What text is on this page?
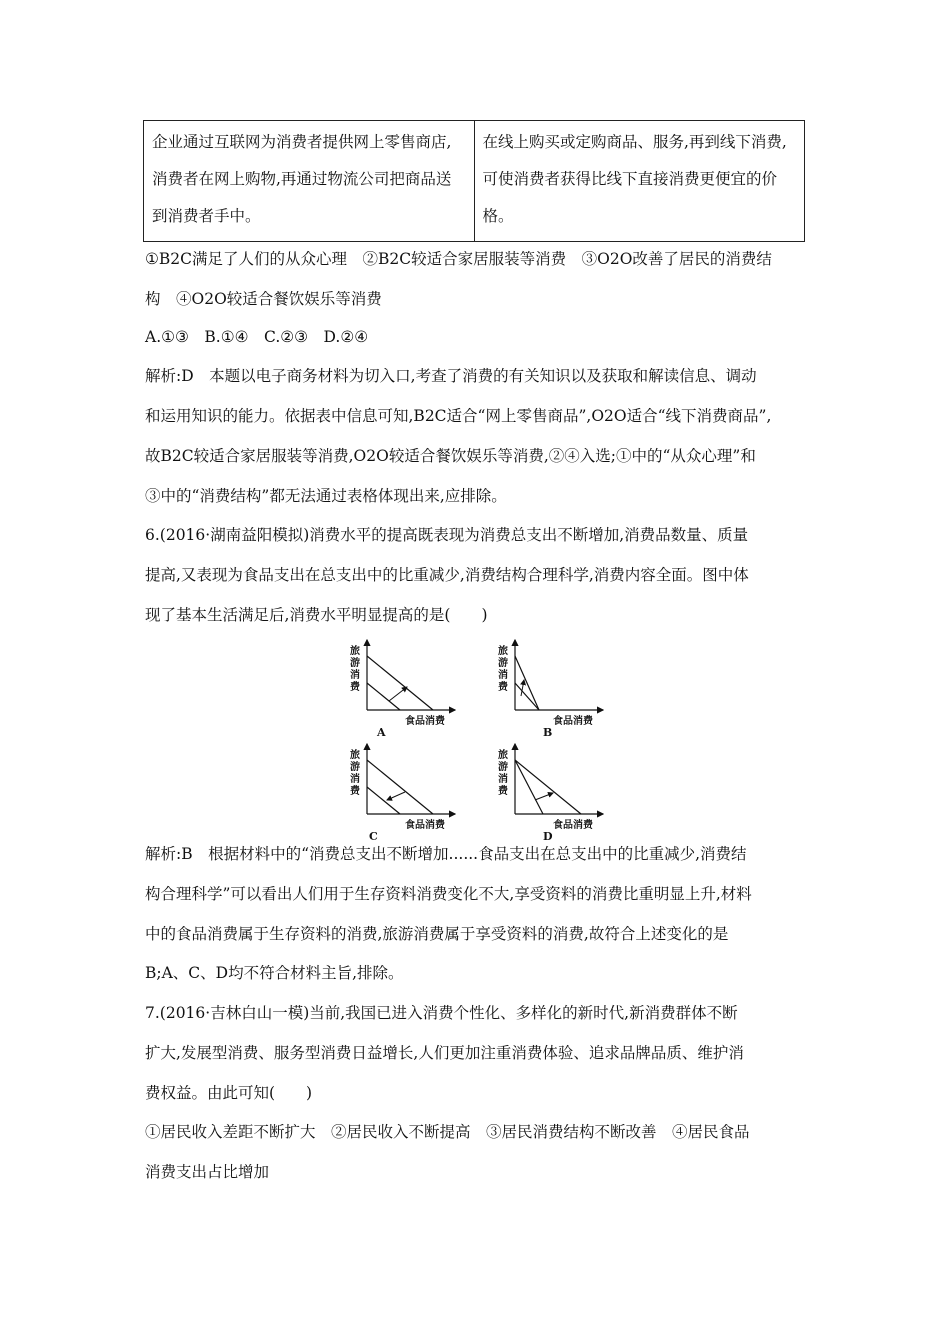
企业通过互联网为消费者提供网上零售商店,消费者在网上购物,再通过物流公司把商品送到消费者手中。
在线上购买或定购商品、服务,再到线下消费,可使消费者获得比线下直接消费更便宜的价格。
①B2C满足了人们的从众心理　②B2C较适合家居服装等消费　③O2O改善了居民的消费结
构　④O2O较适合餐饮娱乐等消费
A.①③　B.①④　C.②③　D.②④
解析:D　本题以电子商务材料为切入口,考查了消费的有关知识以及获取和解读信息、调动
和运用知识的能力。依据表中信息可知,B2C适合“网上零售商品”,O2O适合“线下消费商品”,
故B2C较适合家居服装等消费,O2O较适合餐饮娱乐等消费,②④入选;①中的“从众心理”和
③中的“消费结构”都无法通过表格体现出来,应排除。
6.(2016·湖南益阳模拟)消费水平的提高既表现为消费总支出不断增加,消费品数量、质量
提高,又表现为食品支出在总支出中的比重减少,消费结构合理科学,消费内容全面。图中体
现了基本生活满足后,消费水平明显提高的是(　　)
旅
游
消
费
食品消费
A
旅
游
消
费
食品消费
B
旅
游
消
费
食品消费
C
旅
游
消
费
食品消费
D
解析:B　根据材料中的“消费总支出不断增加......食品支出在总支出中的比重减少,消费结
构合理科学”可以看出人们用于生存资料消费变化不大,享受资料的消费比重明显上升,材料
中的食品消费属于生存资料的消费,旅游消费属于享受资料的消费,故符合上述变化的是
B;A、C、D均不符合材料主旨,排除。
7.(2016·吉林白山一模)当前,我国已进入消费个性化、多样化的新时代,新消费群体不断
扩大,发展型消费、服务型消费日益增长,人们更加注重消费体验、追求品牌品质、维护消
费权益。由此可知(　　)
①居民收入差距不断扩大　②居民收入不断提高　③居民消费结构不断改善　④居民食品
消费支出占比增加
